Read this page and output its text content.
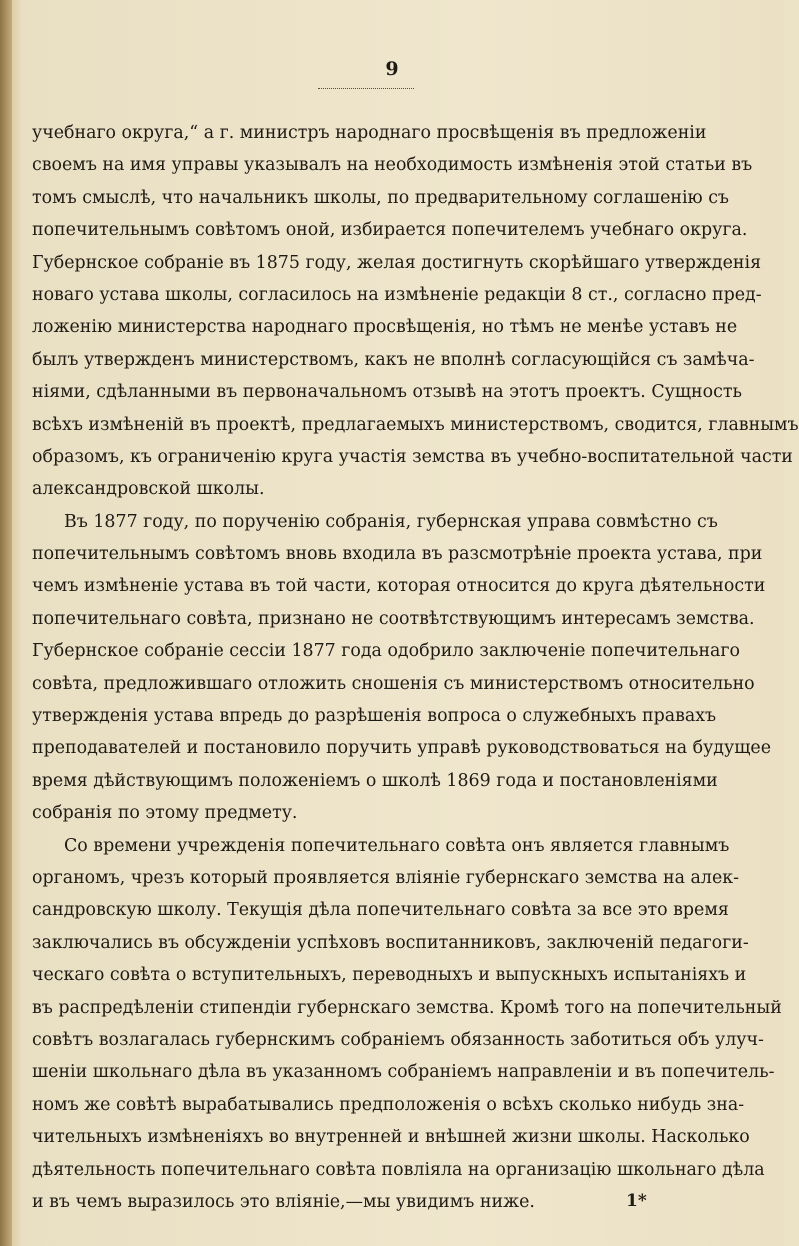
9
учебнаго округа,“ а г. министръ народнаго просвѣщенія въ предложеніи
своемъ на имя управы указывалъ на необходимость измѣненія этой статьи въ
томъ смыслѣ, что начальникъ школы, по предварительному соглашенію съ
попечительнымъ совѣтомъ оной, избирается попечителемъ учебнаго округа.
Губернское собраніе въ 1875 году, желая достигнуть скорѣйшаго утвержденія
новаго устава школы, согласилось на измѣненіе редакціи 8 ст., согласно пред-
ложенію министерства народнаго просвѣщенія, но тѣмъ не менѣе уставъ не
былъ утвержденъ министерствомъ, какъ не вполнѣ согласующійся съ замѣча-
ніями, сдѣланными въ первоначальномъ отзывѣ на этотъ проектъ. Сущность
всѣхъ измѣненій въ проектѣ, предлагаемыхъ министерствомъ, сводится, главнымъ
образомъ, къ ограниченію круга участія земства въ учебно-воспитательной части
александровской школы.
Въ 1877 году, по порученію собранія, губернская управа совмѣстно съ
попечительнымъ совѣтомъ вновь входила въ разсмотрѣніе проекта устава, при
чемъ измѣненіе устава въ той части, которая относится до круга дѣятельности
попечительнаго совѣта, признано не соотвѣтствующимъ интересамъ земства.
Губернское собраніе сессіи 1877 года одобрило заключеніе попечительнаго
совѣта, предложившаго отложить сношенія съ министерствомъ относительно
утвержденія устава впредь до разрѣшенія вопроса о служебныхъ правахъ
преподавателей и постановило поручить управѣ руководствоваться на будущее
время дѣйствующимъ положеніемъ о школѣ 1869 года и постановленіями
собранія по этому предмету.
Со времени учрежденія попечительнаго совѣта онъ является главнымъ
органомъ, чрезъ который проявляется вліяніе губернскаго земства на алек-
сандровскую школу. Текущія дѣла попечительнаго совѣта за все это время
заключались въ обсужденіи успѣховъ воспитанниковъ, заключеній педагоги-
ческаго совѣта о вступительныхъ, переводныхъ и выпускныхъ испытаніяхъ и
въ распредѣленіи стипендіи губернскаго земства. Кромѣ того на попечительный
совѣтъ возлагалась губернскимъ собраніемъ обязанность заботиться объ улуч-
шеніи школьнаго дѣла въ указанномъ собраніемъ направленіи и въ попечитель-
номъ же совѣтѣ вырабатывались предположенія о всѣхъ сколько нибудь зна-
чительныхъ измѣненіяхъ во внутренней и внѣшней жизни школы. Насколько
дѣятельность попечительнаго совѣта повліяла на организацію школьнаго дѣла
и въ чемъ выразилось это вліяніе,—мы увидимъ ниже.	1*
